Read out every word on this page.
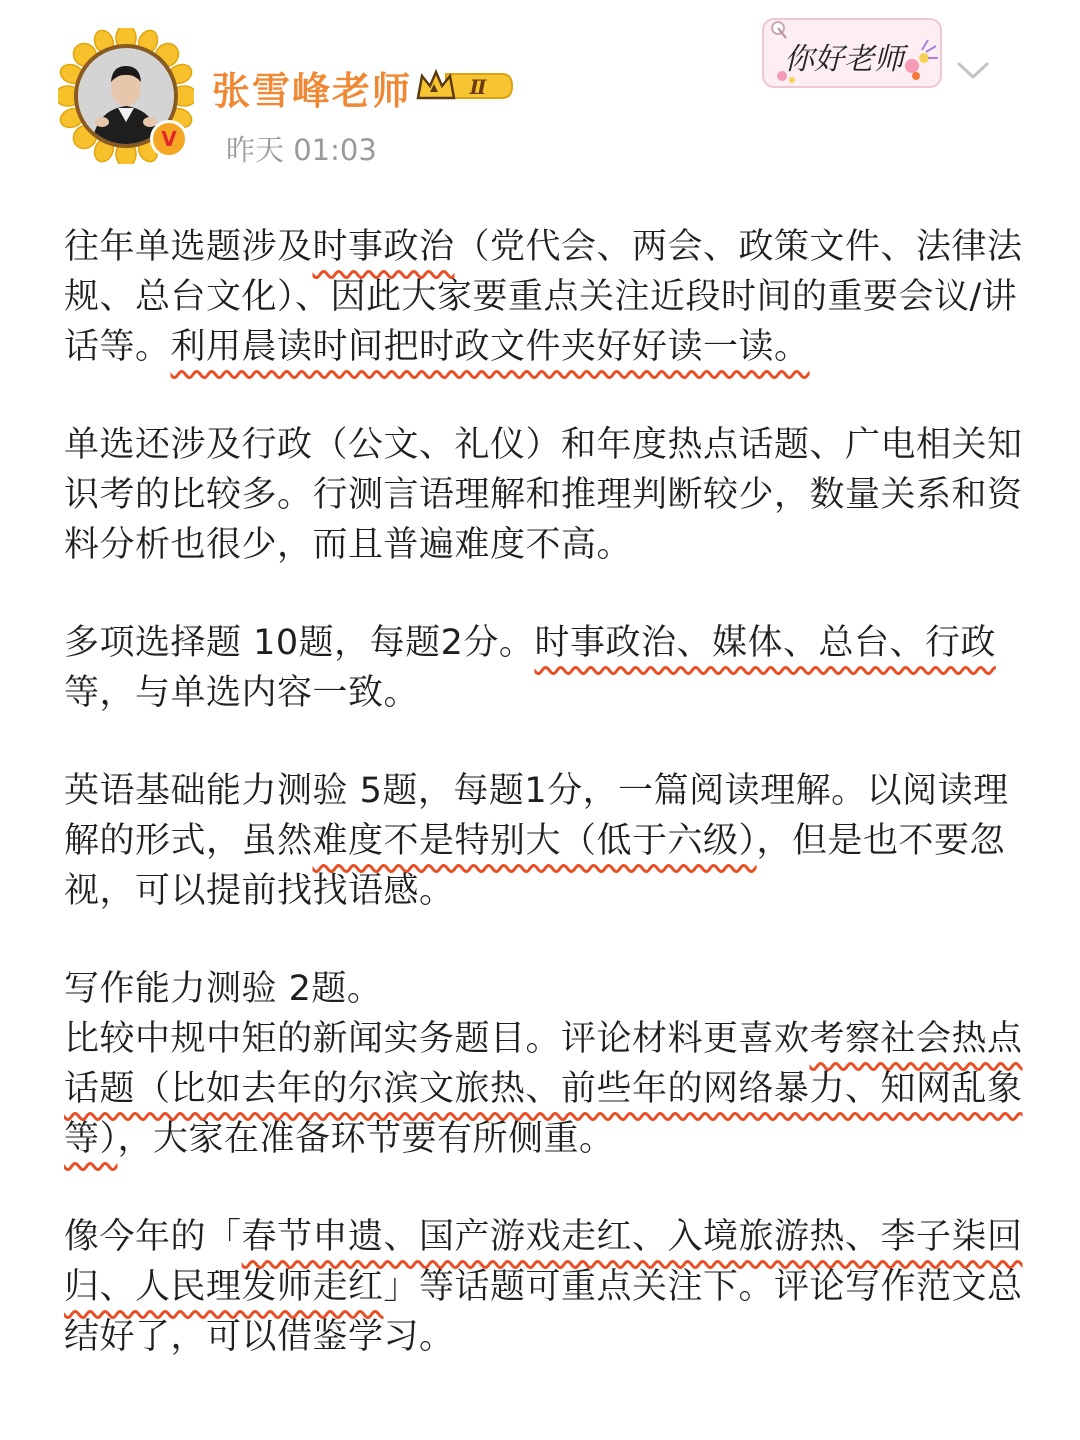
V
张雪峰老师	Ⅱ
昨天 01:03
你好老师

往年单选题涉及时事政治（党代会、两会、政策文件、法律法规、总台文化）、因此大家要重点关注近段时间的重要会议/讲话等。利用晨读时间把时政文件夹好好读一读。

单选还涉及行政（公文、礼仪）和年度热点话题、广电相关知识考的比较多。行测言语理解和推理判断较少，数量关系和资料分析也很少，而且普遍难度不高。

多项选择题 10题，每题2分。时事政治、媒体、总台、行政等，与单选内容一致。

英语基础能力测验 5题，每题1分，一篇阅读理解。以阅读理解的形式，虽然难度不是特别大（低于六级），但是也不要忽视，可以提前找找语感。

写作能力测验 2题。

比较中规中矩的新闻实务题目。评论材料更喜欢考察社会热点话题（比如去年的尔滨文旅热、前些年的网络暴力、知网乱象等），大家在准备环节要有所侧重。

像今年的「春节申遗、国产游戏走红、入境旅游热、李子柒回归、人民理发师走红」等话题可重点关注下。评论写作范文总结好了，可以借鉴学习。
